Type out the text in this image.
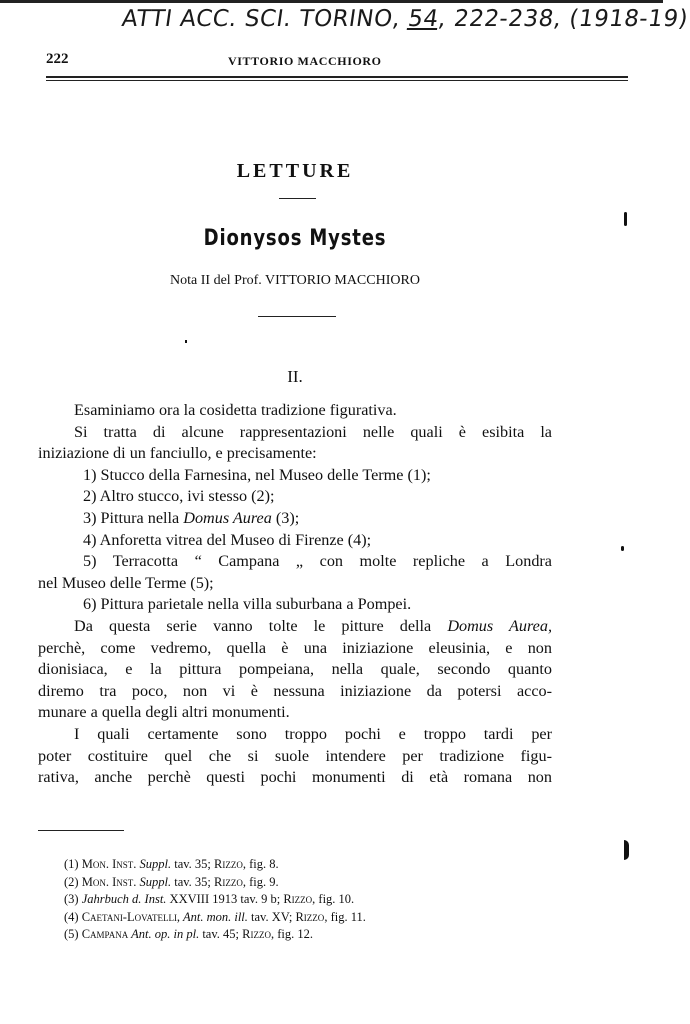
ATTI ACC. SCI. TORINO, 54, 222-238, (1918-19)
222	VITTORIO MACCHIORO
LETTURE
Dionysos Mystes
Nota II del Prof. VITTORIO MACCHIORO
II.
Esaminiamo ora la cosidetta tradizione figurativa.
Si tratta di alcune rappresentazioni nelle quali è esibita la
iniziazione di un fanciullo, e precisamente:
1) Stucco della Farnesina, nel Museo delle Terme (1);
2) Altro stucco, ivi stesso (2);
3) Pittura nella Domus Aurea (3);
4) Anforetta vitrea del Museo di Firenze (4);
5) Terracotta “ Campana „ con molte repliche a Londra
nel Museo delle Terme (5);
6) Pittura parietale nella villa suburbana a Pompei.
Da questa serie vanno tolte le pitture della Domus Aurea,
perchè, come vedremo, quella è una iniziazione eleusinia, e non
dionisiaca, e la pittura pompeiana, nella quale, secondo quanto
diremo tra poco, non vi è nessuna iniziazione da potersi acco-
munare a quella degli altri monumenti.
I quali certamente sono troppo pochi e troppo tardi per
poter costituire quel che si suole intendere per tradizione figu-
rativa, anche perchè questi pochi monumenti di età romana non
(1) Mon. Inst. Suppl. tav. 35; Rizzo, fig. 8.
(2) Mon. Inst. Suppl. tav. 35; Rizzo, fig. 9.
(3) Jahrbuch d. Inst. XXVIII 1913 tav. 9 b; Rizzo, fig. 10.
(4) Caetani-Lovatelli, Ant. mon. ill. tav. XV; Rizzo, fig. 11.
(5) Campana Ant. op. in pl. tav. 45; Rizzo, fig. 12.
